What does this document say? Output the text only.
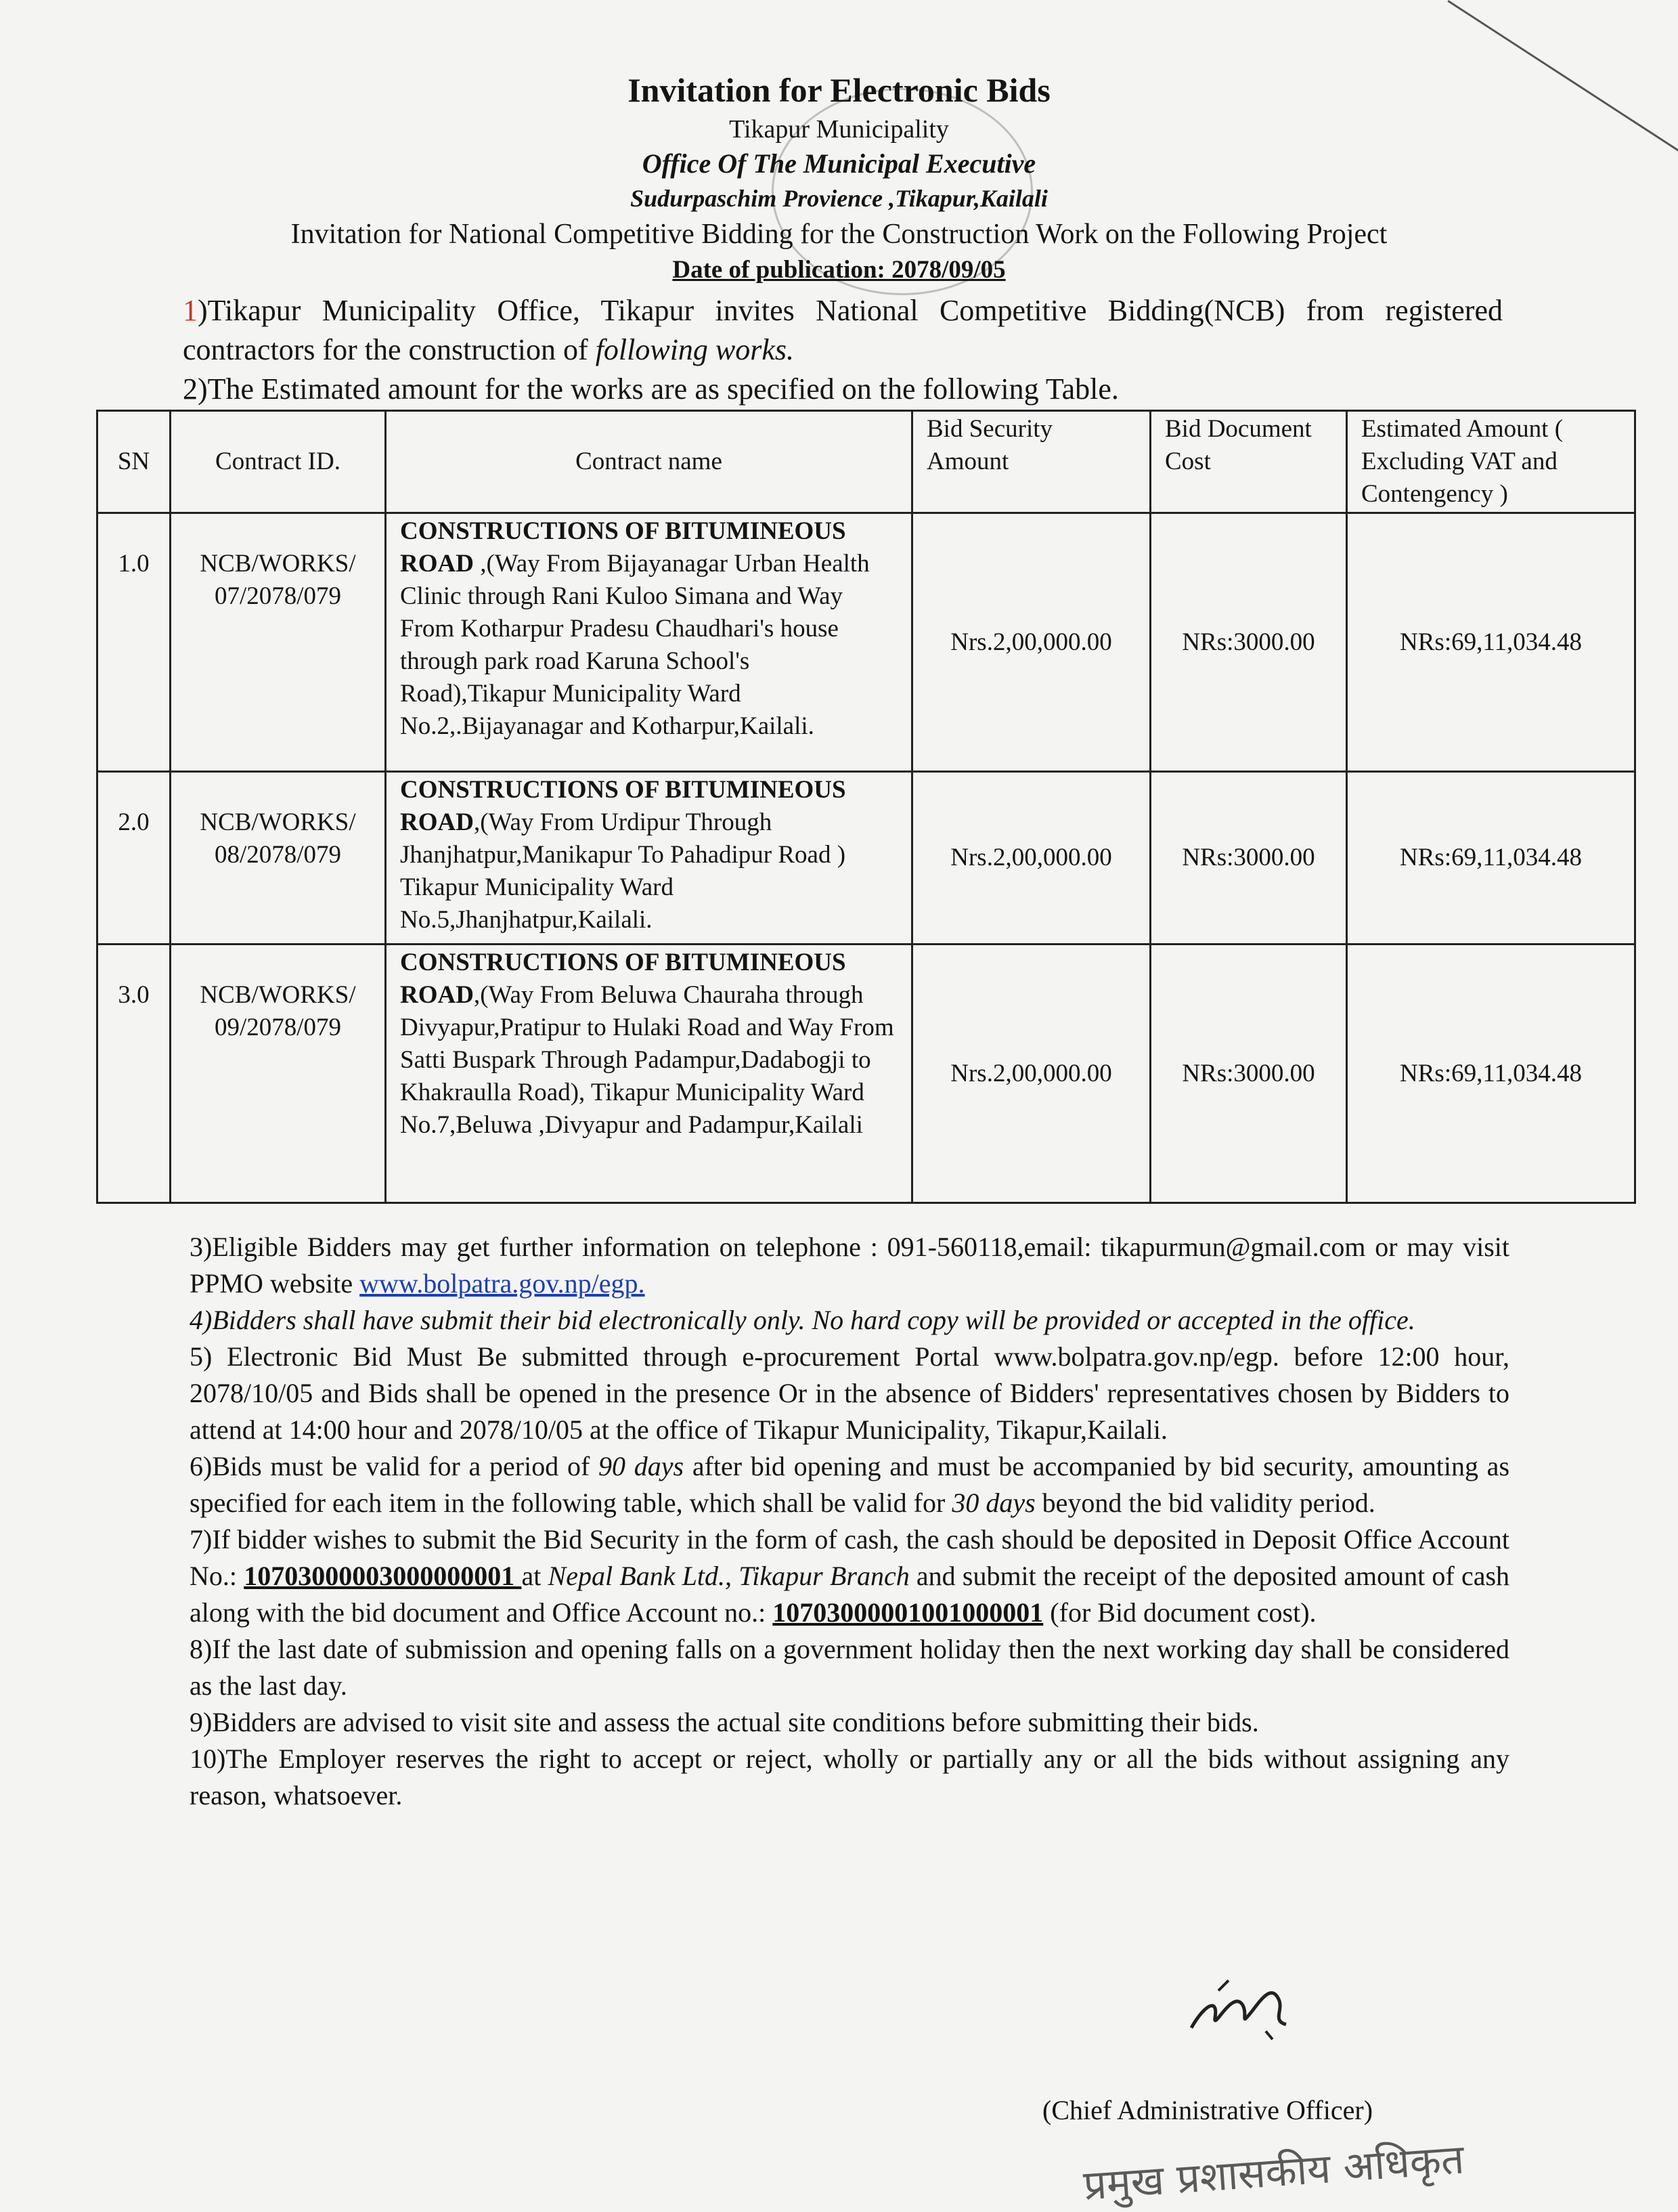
Invitation for Electronic Bids
Tikapur Municipality
Office Of The Municipal Executive
Sudurpaschim Provience ,Tikapur,Kailali
Invitation for National Competitive Bidding for the Construction Work on the Following Project
Date of publication: 2078/09/05

1)Tikapur Municipality Office, Tikapur invites National Competitive Bidding(NCB) from registered contractors for the construction of following works.

2)The Estimated amount for the works are as specified on the following Table.

SN	Contract ID.	Contract name	Bid Security Amount	Bid Document Cost	Estimated Amount ( Excluding VAT and Contengency )
1.0	NCB/WORKS/ 07/2078/079	CONSTRUCTIONS OF BITUMINEOUS ROAD ,(Way From Bijayanagar Urban Health Clinic through Rani Kuloo Simana and Way From Kotharpur Pradesu Chaudhari's house through park road Karuna School's Road),Tikapur Municipality Ward No.2,.Bijayanagar and Kotharpur,Kailali.	Nrs.2,00,000.00	NRs:3000.00	NRs:69,11,034.48
2.0	NCB/WORKS/ 08/2078/079	CONSTRUCTIONS OF BITUMINEOUS ROAD,(Way From Urdipur Through Jhanjhatpur,Manikapur To Pahadipur Road ) Tikapur Municipality Ward No.5,Jhanjhatpur,Kailali.	Nrs.2,00,000.00	NRs:3000.00	NRs:69,11,034.48
3.0	NCB/WORKS/ 09/2078/079	CONSTRUCTIONS OF BITUMINEOUS ROAD,(Way From Beluwa Chauraha through Divyapur,Pratipur to Hulaki Road and Way From Satti Buspark Through Padampur,Dadabogji to Khakraulla Road), Tikapur Municipality Ward No.7,Beluwa ,Divyapur and Padampur,Kailali	Nrs.2,00,000.00	NRs:3000.00	NRs:69,11,034.48

3)Eligible Bidders may get further information on telephone : 091-560118,email: tikapurmun@gmail.com or may visit PPMO website www.bolpatra.gov.np/egp.

4)Bidders shall have submit their bid electronically only. No hard copy will be provided or accepted in the office.

5) Electronic Bid Must Be submitted through e-procurement Portal www.bolpatra.gov.np/egp. before 12:00 hour, 2078/10/05 and Bids shall be opened in the presence Or in the absence of Bidders' representatives chosen by Bidders to attend at 14:00 hour and 2078/10/05 at the office of Tikapur Municipality, Tikapur,Kailali.

6)Bids must be valid for a period of 90 days after bid opening and must be accompanied by bid security, amounting as specified for each item in the following table, which shall be valid for 30 days beyond the bid validity period.

7)If bidder wishes to submit the Bid Security in the form of cash, the cash should be deposited in Deposit Office Account No.: 10703000003000000001 at Nepal Bank Ltd., Tikapur Branch and submit the receipt of the deposited amount of cash along with the bid document and Office Account no.: 10703000001001000001 (for Bid document cost).

8)If the last date of submission and opening falls on a government holiday then the next working day shall be considered as the last day.

9)Bidders are advised to visit site and assess the actual site conditions before submitting their bids.

10)The Employer reserves the right to accept or reject, wholly or partially any or all the bids without assigning any reason, whatsoever.

(Chief Administrative Officer)
प्रमुख प्रशासकीय अधिकृत
